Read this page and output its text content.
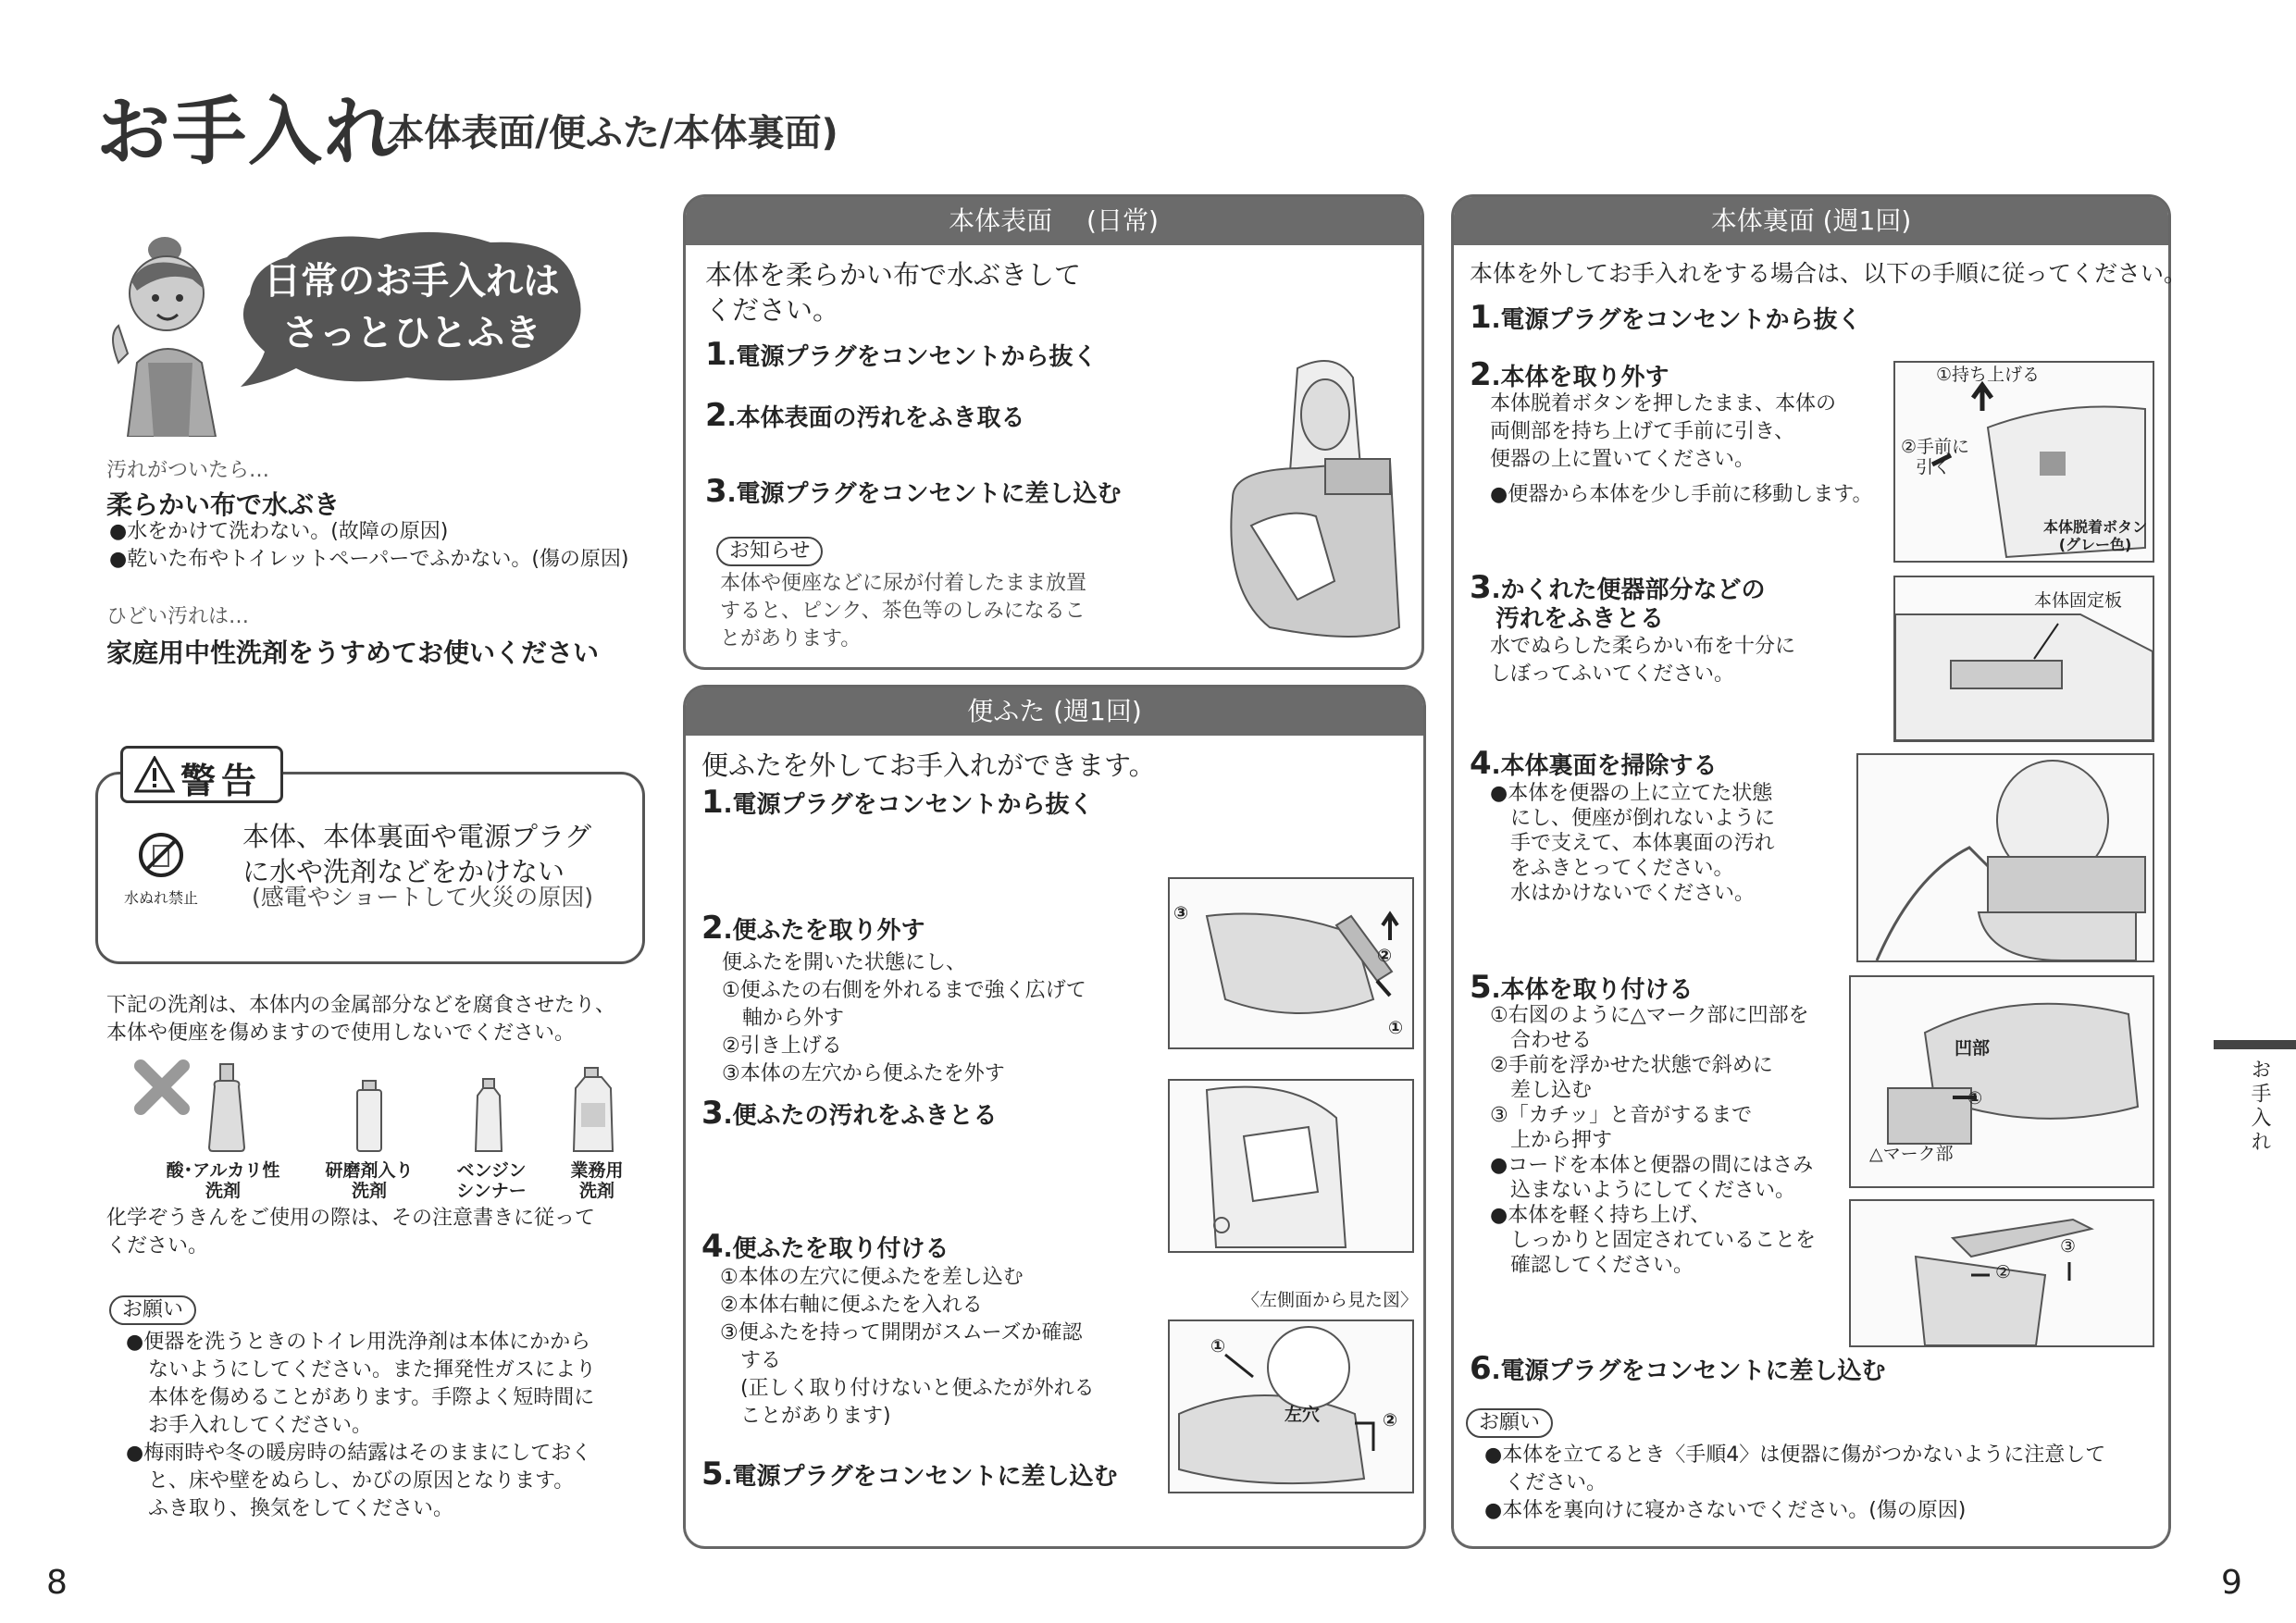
お手入れ
(本体表面/便ふた/本体裏面)
日常のお手入れは
さっとひとふき
汚れがついたら…
柔らかい布で水ぶき
●水をかけて洗わない。(故障の原因)
●乾いた布やトイレットペーパーでふかない。(傷の原因)
ひどい汚れは…
家庭用中性洗剤をうすめてお使いください
警告
水ぬれ禁止
本体、本体裏面や電源プラグ
に水や洗剤などをかけない
(感電やショートして火災の原因)
下記の洗剤は、本体内の金属部分などを腐食させたり、
本体や便座を傷めますので使用しないでください。
酸･アルカリ性
洗剤
研磨剤入り
洗剤
ベンジン
シンナー
業務用
洗剤
化学ぞうきんをご使用の際は、その注意書きに従って
ください。
お願い
●便器を洗うときのトイレ用洗浄剤は本体にかから
ないようにしてください。また揮発性ガスにより
本体を傷めることがあります。手際よく短時間に
お手入れしてください。
●梅雨時や冬の暖房時の結露はそのままにしておく
と、床や壁をぬらし、かびの原因となります。
ふき取り、換気をしてください。
本体表面　 (日常)
本体を柔らかい布で水ぶきして
ください。
1.電源プラグをコンセントから抜く
2.本体表面の汚れをふき取る
3.電源プラグをコンセントに差し込む
お知らせ
本体や便座などに尿が付着したまま放置
すると、ピンク、茶色等のしみになるこ
とがあります。
便ふた (週1回)
便ふたを外してお手入れができます。
1.電源プラグをコンセントから抜く
2.便ふたを取り外す
便ふたを開いた状態にし、
①便ふたの右側を外れるまで強く広げて
　軸から外す
②引き上げる
③本体の左穴から便ふたを外す
3.便ふたの汚れをふきとる
4.便ふたを取り付ける
①本体の左穴に便ふたを差し込む
②本体右軸に便ふたを入れる
③便ふたを持って開閉がスムーズか確認
　する
　(正しく取り付けないと便ふたが外れる
　ことがあります)
5.電源プラグをコンセントに差し込む
③
②
①
〈左側面から見た図〉
①
左穴	②
本体裏面 (週1回)
本体を外してお手入れをする場合は、以下の手順に従ってください。
1.電源プラグをコンセントから抜く
2.本体を取り外す
本体脱着ボタンを押したまま、本体の
両側部を持ち上げて手前に引き、
便器の上に置いてください。
●便器から本体を少し手前に移動します。
①持ち上げる
②手前に
引く
本体脱着ボタン
(グレー色)
3.かくれた便器部分などの
汚れをふきとる
水でぬらした柔らかい布を十分に
しぼってふいてください。
本体固定板
4.本体裏面を掃除する
●本体を便器の上に立てた状態
　にし、便座が倒れないように
　手で支えて、本体裏面の汚れ
　をふきとってください。
　水はかけないでください。
5.本体を取り付ける
①右図のように△マーク部に凹部を
　合わせる
②手前を浮かせた状態で斜めに
　差し込む
③「カチッ」と音がするまで
　上から押す
●コードを本体と便器の間にはさみ
　込まないようにしてください。
●本体を軽く持ち上げ、
　しっかりと固定されていることを
　確認してください。
凹部
①
△マーク部
②
③
6.電源プラグをコンセントに差し込む
お願い
●本体を立てるとき〈手順4〉は便器に傷がつかないように注意して
　ください。
●本体を裏向けに寝かさないでください。(傷の原因)
お手入れ
8	9
